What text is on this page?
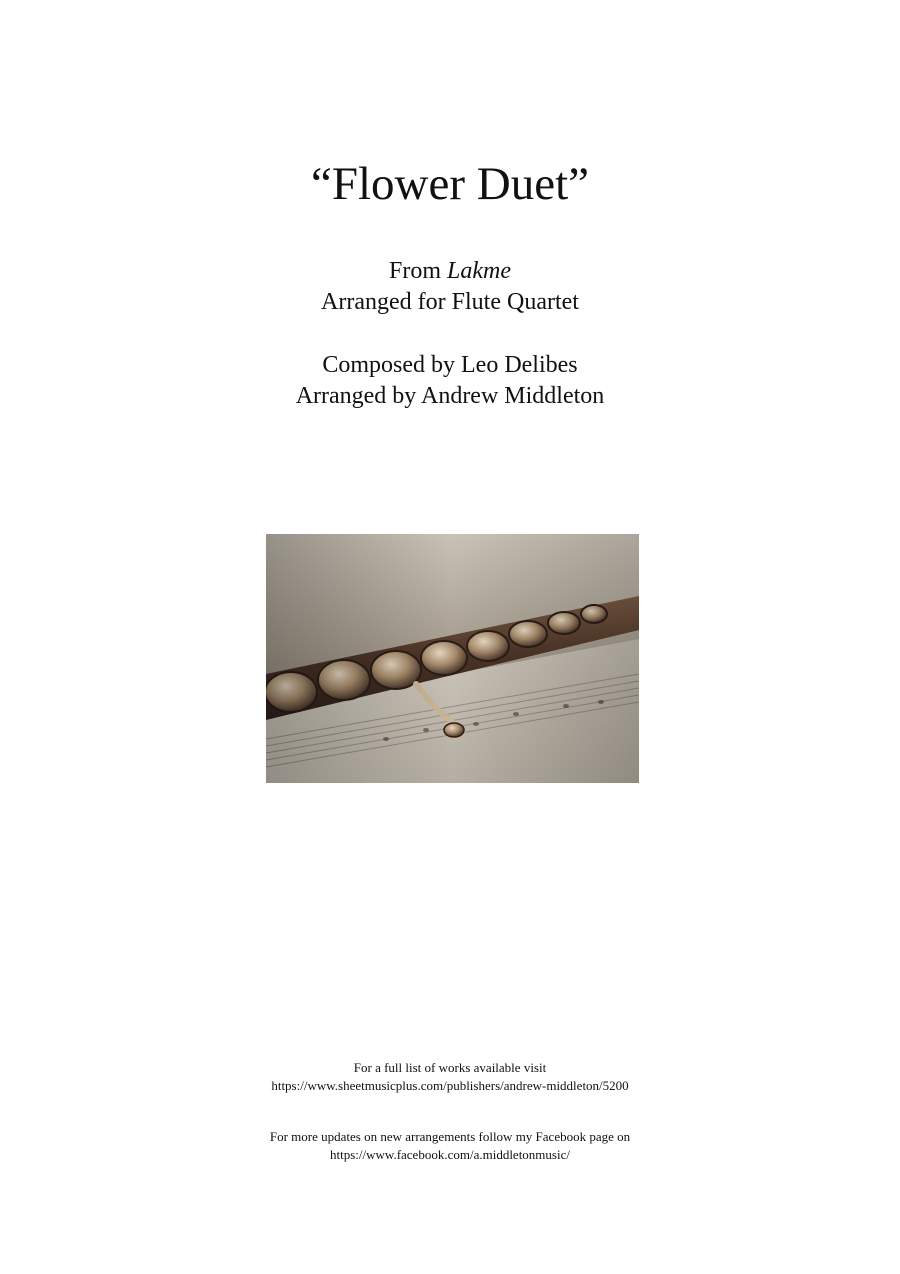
“Flower Duet”
From Lakme
Arranged for Flute Quartet
Composed by Leo Delibes
Arranged by Andrew Middleton
For a full list of works available visit
https://www.sheetmusicplus.com/publishers/andrew-middleton/5200
For more updates on new arrangements follow my Facebook page on
https://www.facebook.com/a.middletonmusic/
